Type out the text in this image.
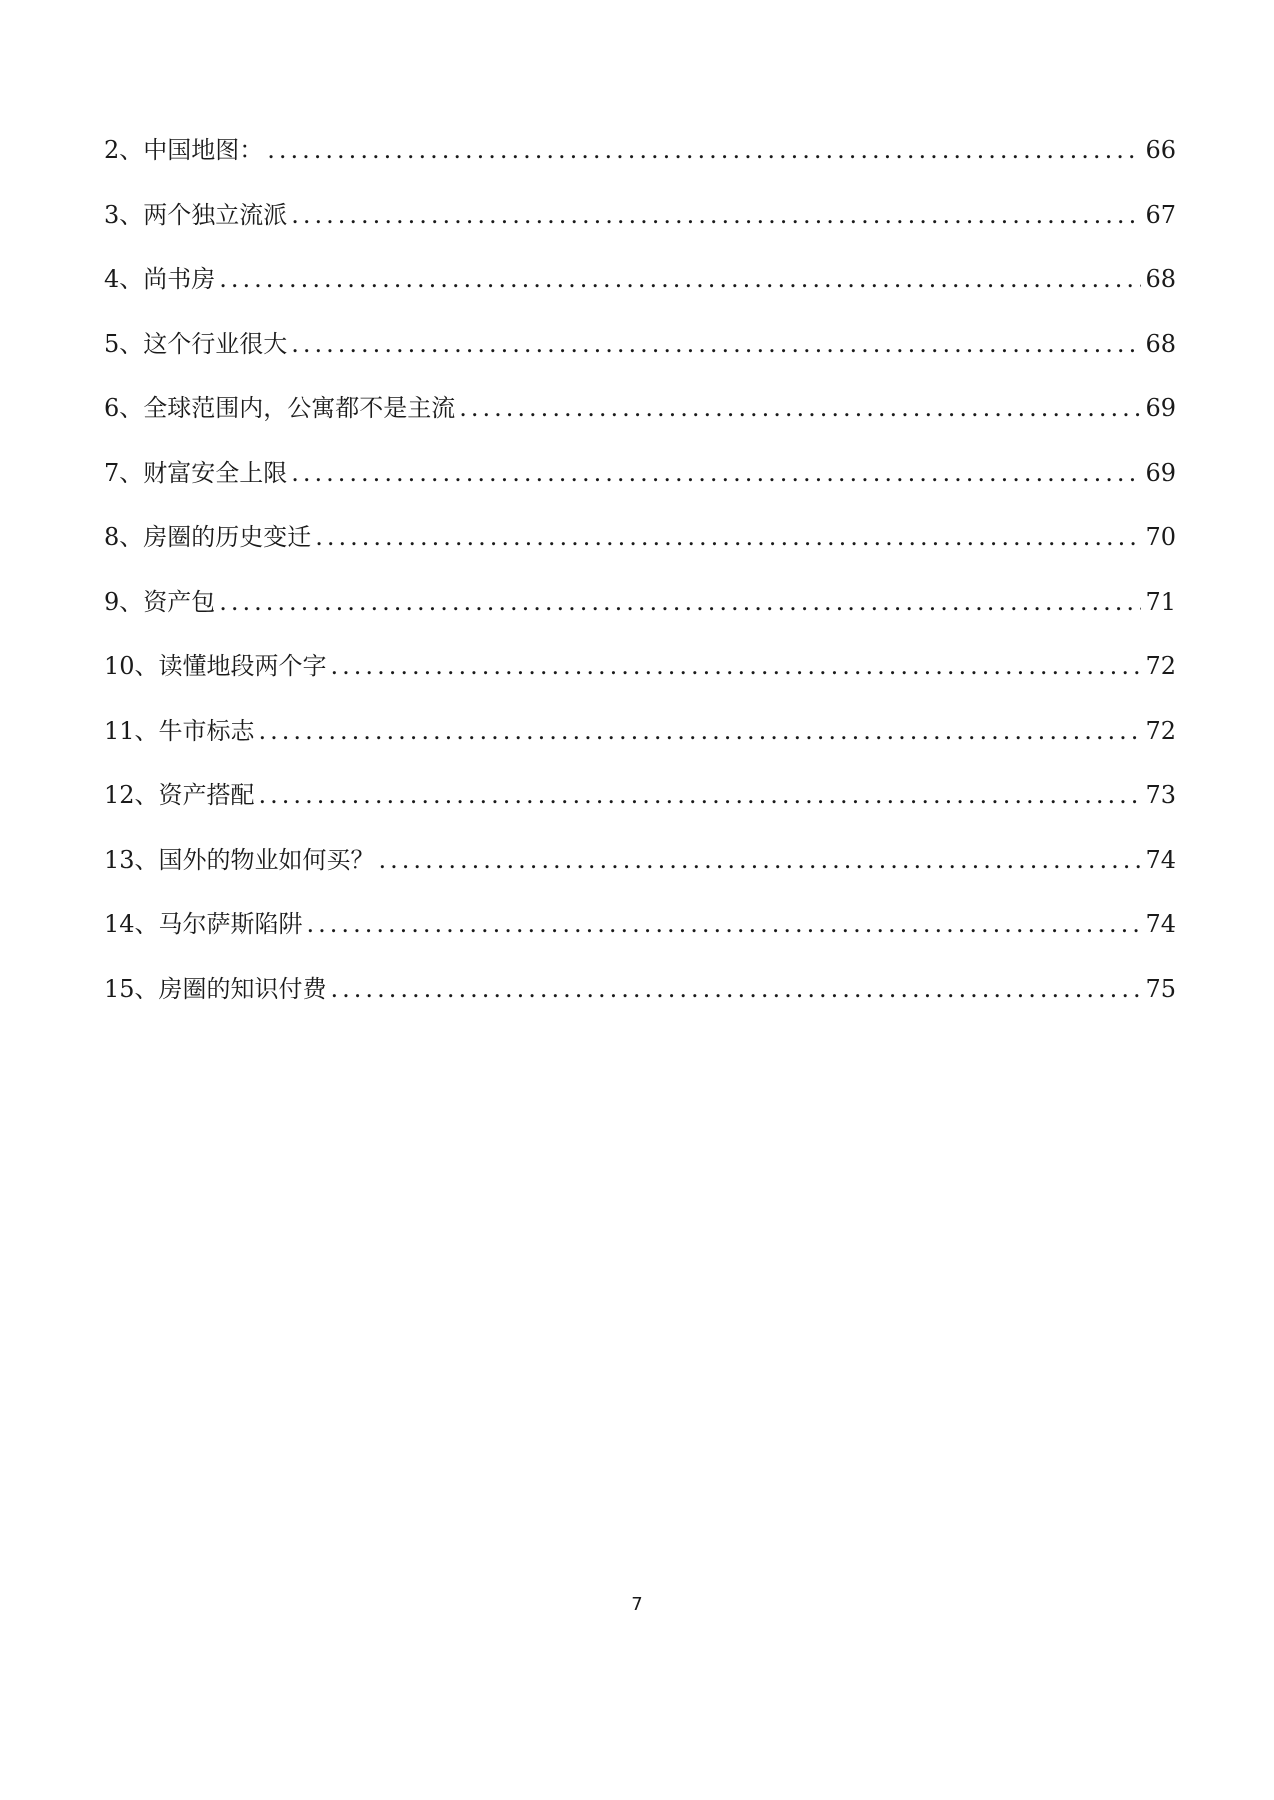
2、中国地图： .....	66
3、两个独立流派 .....	67
4、尚书房 .....	68
5、这个行业很大 .....	68
6、全球范围内，公寓都不是主流 .....	69
7、财富安全上限 .....	69
8、房圈的历史变迁 .....	70
9、资产包 .....	71
10、读懂地段两个字 .....	72
11、牛市标志 .....	72
12、资产搭配 .....	73
13、国外的物业如何买？ .....	74
14、马尔萨斯陷阱 .....	74
15、房圈的知识付费 .....	75
7
